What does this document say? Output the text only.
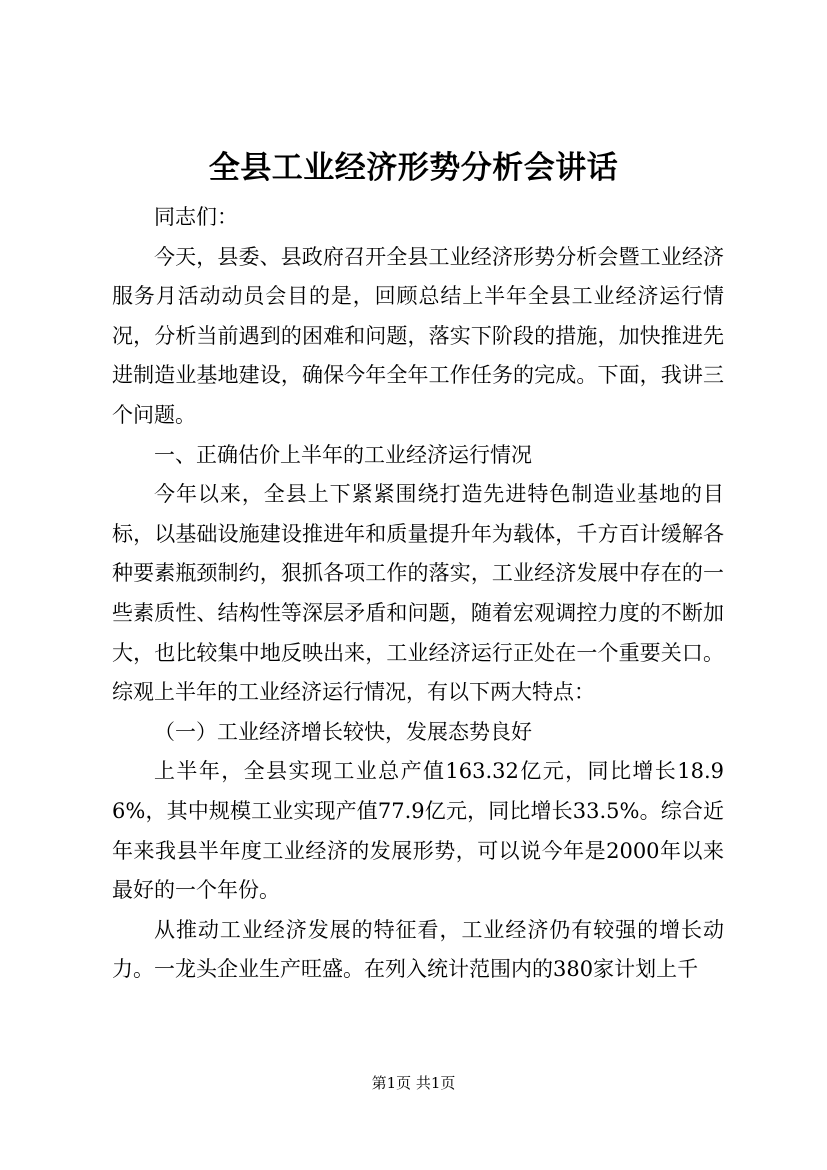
全县工业经济形势分析会讲话

同志们：

今天，县委、县政府召开全县工业经济形势分析会暨工业经济服务月活动动员会目的是，回顾总结上半年全县工业经济运行情况，分析当前遇到的困难和问题，落实下阶段的措施，加快推进先进制造业基地建设，确保今年全年工作任务的完成。下面，我讲三个问题。

一、正确估价上半年的工业经济运行情况

今年以来，全县上下紧紧围绕打造先进特色制造业基地的目标，以基础设施建设推进年和质量提升年为载体，千方百计缓解各种要素瓶颈制约，狠抓各项工作的落实，工业经济发展中存在的一些素质性、结构性等深层矛盾和问题，随着宏观调控力度的不断加大，也比较集中地反映出来，工业经济运行正处在一个重要关口。综观上半年的工业经济运行情况，有以下两大特点：

（一）工业经济增长较快，发展态势良好

上半年，全县实现工业总产值163.32亿元，同比增长18.96%，其中规模工业实现产值77.9亿元，同比增长33.5%。综合近年来我县半年度工业经济的发展形势，可以说今年是2000年以来最好的一个年份。

从推动工业经济发展的特征看，工业经济仍有较强的增长动力。一龙头企业生产旺盛。在列入统计范围内的380家计划上千

第1页 共1页
